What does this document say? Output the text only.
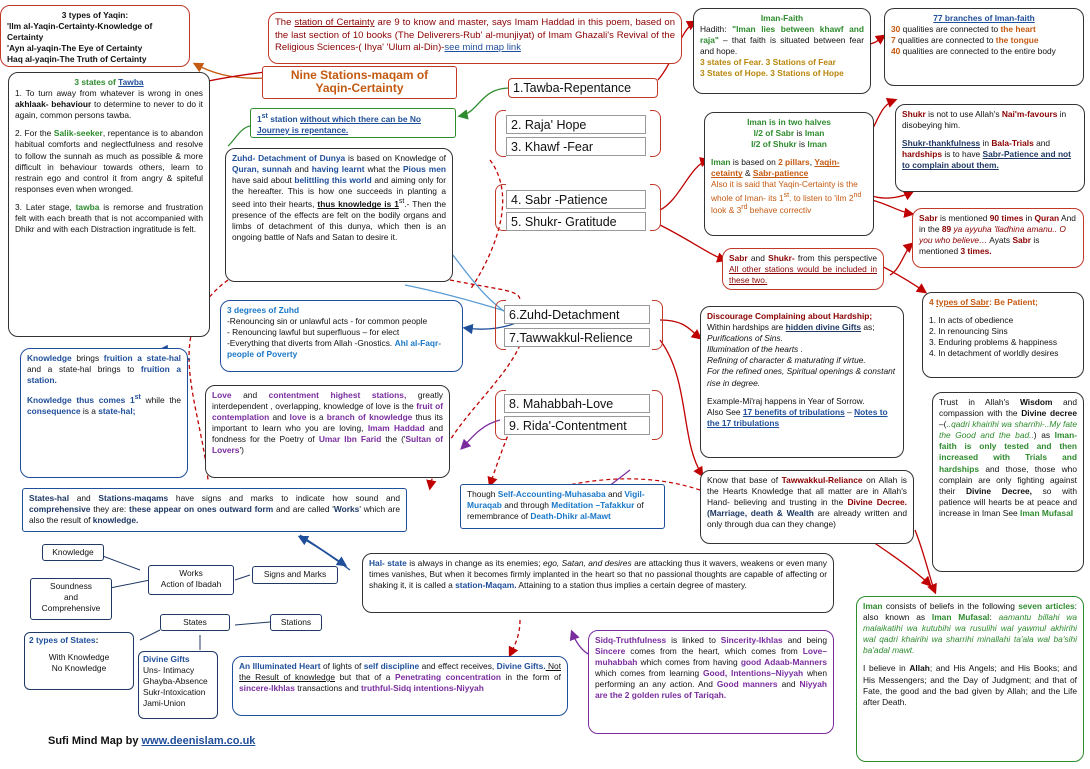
3 types of Yaqin:

'Ilm al-Yaqin-Certainty-Knowledge of Certainty

'Ayn al-yaqin-The Eye of Certainty

Haq al-yaqin-The Truth of Certainty

The station of Certainty are 9 to know and master, says Imam Haddad in this poem, based on the last section of 10 books (The Deliverers-Rub' al-munjiyat) of Imam Ghazali's Revival of the Religious Sciences-( Ihya' 'Ulum al-Din)-see mind map link

Nine Stations-maqam of
Yaqin-Certainty
3 states of Tawba

1. To turn away from whatever is wrong in ones akhlaak- behaviour to determine to never to do it again, common persons tawba.

2. For the Salik-seeker, repentance is to abandon habitual comforts and neglectfulness and resolve to follow the sunnah as much as possible & more difficult in behaviour towards others, learn to restrain ego and control it from angry & spiteful responses even when wronged.

3. Later stage, tawba is remorse and frustration felt with each breath that is not accompanied with Dhikr and with each Distraction ingratitude is felt.

1st station without which there can be No Journey is repentance.

Zuhd- Detachment of Dunya is based on Knowledge of Quran, sunnah and having learnt what the Pious men have said about belittling this world and aiming only for the hereafter. This is how one succeeds in planting a seed into their hearts, thus knowledge is 1st.- Then the presence of the effects are felt on the bodily organs and limbs of detachment of this dunya, which then is an ongoing battle of Nafs and Satan to desire it.

3 degrees of Zuhd

-Renouncing sin or unlawful acts - for common people

- Renouncing lawful but superfluous – for elect

-Everything that diverts from Allah -Gnostics. Ahl al-Faqr-people of Poverty

Knowledge brings fruition a state-hal and a state-hal brings to fruition a station.

Knowledge thus comes 1st while the consequence is a state-hal;

Love and contentment highest stations, greatly interdependent , overlapping, knowledge of love is the fruit of contemplation and love is a branch of knowledge thus its important to learn who you are loving, Imam Haddad and fondness for the Poetry of Umar Ibn Farid the ('Sultan of Lovers')

States-hal and Stations-maqams have signs and marks to indicate how sound and comprehensive they are: these appear on ones outward form and are called 'Works' which are also the result of knowledge.

Though Self-Accounting-Muhasaba and Vigil-Muraqab and through Meditation –Tafakkur of remembrance of Death-Dhikr al-Mawt

1.Tawba-Repentance
2. Raja' Hope
3. Khawf -Fear
4. Sabr -Patience
5. Shukr- Gratitude
6.Zuhd-Detachment
7.Tawwakkul-Relience
8. Mahabbah-Love
9. Rida'-Contentment
Iman-Faith

Hadith: "Iman lies between khawf and raja" – that faith is situated between fear and hope.

3 states of Fear. 3 Stations of Fear

3 States of Hope. 3 Stations of Hope

77 branches of Iman-faith

30 qualities are connected to the heart

7 qualities are connected to the tongue

40 qualities are connected to the entire body

Iman is in two halves

I/2 of Sabr is Iman

I/2 of Shukr is Iman

Iman is based on 2 pillars, Yaqin-cetainty & Sabr-patience

Also it is said that Yaqin-Certainty is the whole of Iman- its 1st. to listen to 'ilm 2nd look & 3rd behave correctiv

Shukr is not to use Allah's Nai'm-favours in disobeying him.

Shukr-thankfulness in Bala-Trials and hardships is to have Sabr-Patience and not to complain about them.

Sabr is mentioned 90 times in Quran And in the 89 ya ayyuha 'lladhina amanu.. O you who believe… Ayats Sabr is mentioned 3 times.

Sabr and Shukr- from this perspective All other stations would be included in these two.

4 types of Sabr: Be Patient;

1. In acts of obedience

2. In renouncing Sins

3. Enduring problems & happiness

4. In detachment of worldly desires

Discourage Complaining about Hardship;

Within hardships are hidden divine Gifts as;

Purifications of Sins.

Illumination of the hearts .

Refining of character & maturating if virtue.

For the refined ones, Spiritual openings & constant rise in degree.

Example-Mi'raj happens in Year of Sorrow.

Also See 17 benefits of tribulations – Notes to the 17 tribulations

Know that base of Tawwakkul-Reliance on Allah is the Hearts Knowledge that all matter are in Allah's Hand- believing and trusting in the Divine Decree. (Marriage, death & Wealth are already written and only through dua can they change)

Trust in Allah's Wisdom and compassion with the Divine decree –(..qadri khairihi wa sharrihi-..My fate the Good and the bad..) as Iman-faith is only tested and then increased with Trials and hardships and those, those who complain are only fighting against their Divine Decree, so with patience will hearts be at peace and increase in Iman See Iman Mufasal

Iman consists of beliefs in the following seven articles: also known as Iman Mufasal: aamantu billahi wa malaikatihi wa kutubihi wa rusulihi wal yawmul akhirihi wal qadri khairihi wa sharrihi minallahi ta'ala wal ba'sihi ba'adal mawt.

I believe in Allah; and His Angels; and His Books; and His Messengers; and the Day of Judgment; and that of Fate, the good and the bad given by Allah; and the Life after Death.

Hal- state is always in change as its enemies; ego, Satan, and desires are attacking thus it wavers, weakens or even many times vanishes, But when it becomes firmly implanted in the heart so that no passional thoughts are capable of affecting or shaking it, it is called a station-Maqam. Attaining to a station thus implies a certain degree of mastery.

An Illuminated Heart of lights of self discipline and effect receives, Divine Gifts. Not the Result of knowledge but that of a Penetrating concentration in the form of sincere-Ikhlas transactions and truthful-Sidq intentions-Niyyah

Sidq-Truthfulness is linked to Sincerity-Ikhlas and being Sincere comes from the heart, which comes from Love–muhabbah which comes from having good Adaab-Manners which comes from learning Good, Intentions–Niyyah when performing an any action. And Good manners and Niyyah are the 2 golden rules of Tariqah.

Knowledge
Works
Action of Ibadah
Signs and Marks
Soundness
and
Comprehensive
States	Stations
2 types of States:
With Knowledge
No Knowledge
Divine Gifts
Uns- Intimacy
Ghayba-Absence
Sukr-Intoxication
Jami-Union
Sufi Mind Map by www.deenislam.co.uk
